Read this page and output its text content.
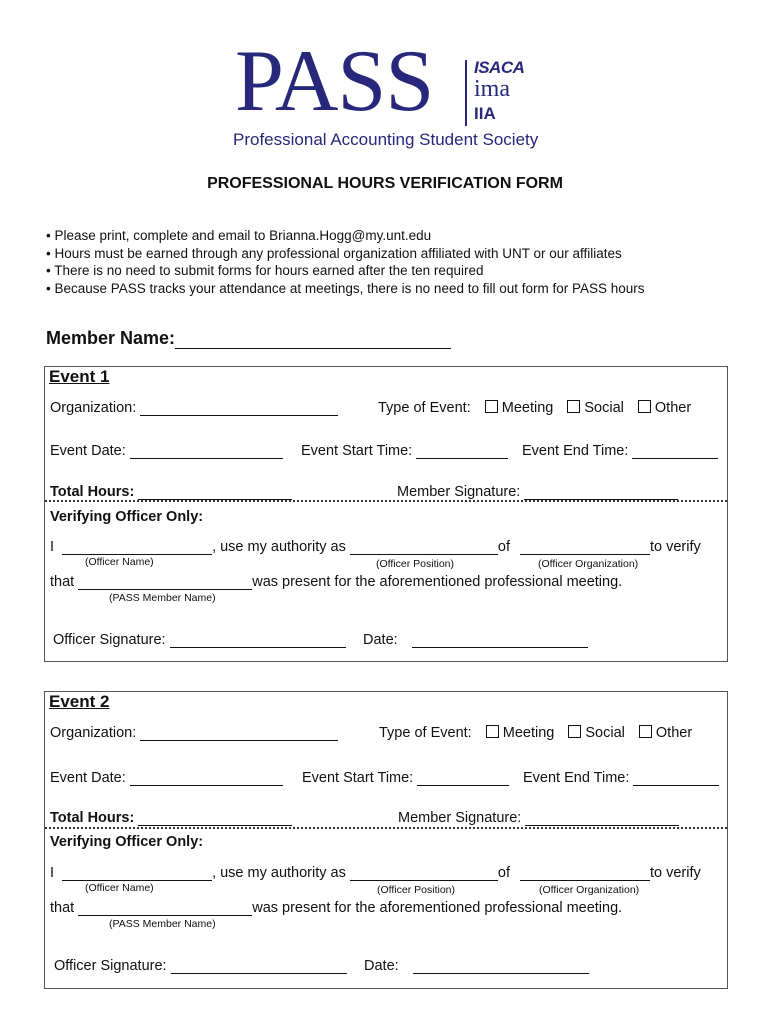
PASS ISACA
ima
IIA
Professional Accounting Student Society
PROFESSIONAL HOURS VERIFICATION FORM
• Please print, complete and email to Brianna.Hogg@my.unt.edu
• Hours must be earned through any professional organization affiliated with UNT or our affiliates
• There is no need to submit forms for hours earned after the ten required
• Because PASS tracks your attendance at meetings, there is no need to fill out form for PASS hours
Member Name:
Event 1
Organization:	Type of Event: Meeting Social Other
Event Date:	Event Start Time:	Event End Time:
Total Hours:	Member Signature:
Verifying Officer Only:
I	, use my authority as	of	to verify
(Officer Name)	(Officer Position)	(Officer Organization)
that	was present for the aforementioned professional meeting.
(PASS Member Name)
Officer Signature:	Date:
Event 2
Organization:	Type of Event: Meeting Social Other
Event Date:	Event Start Time:	Event End Time:
Total Hours:	Member Signature:
Verifying Officer Only:
I	, use my authority as	of	to verify
(Officer Name)	(Officer Position)	(Officer Organization)
that	was present for the aforementioned professional meeting.
(PASS Member Name)
Officer Signature:	Date:
